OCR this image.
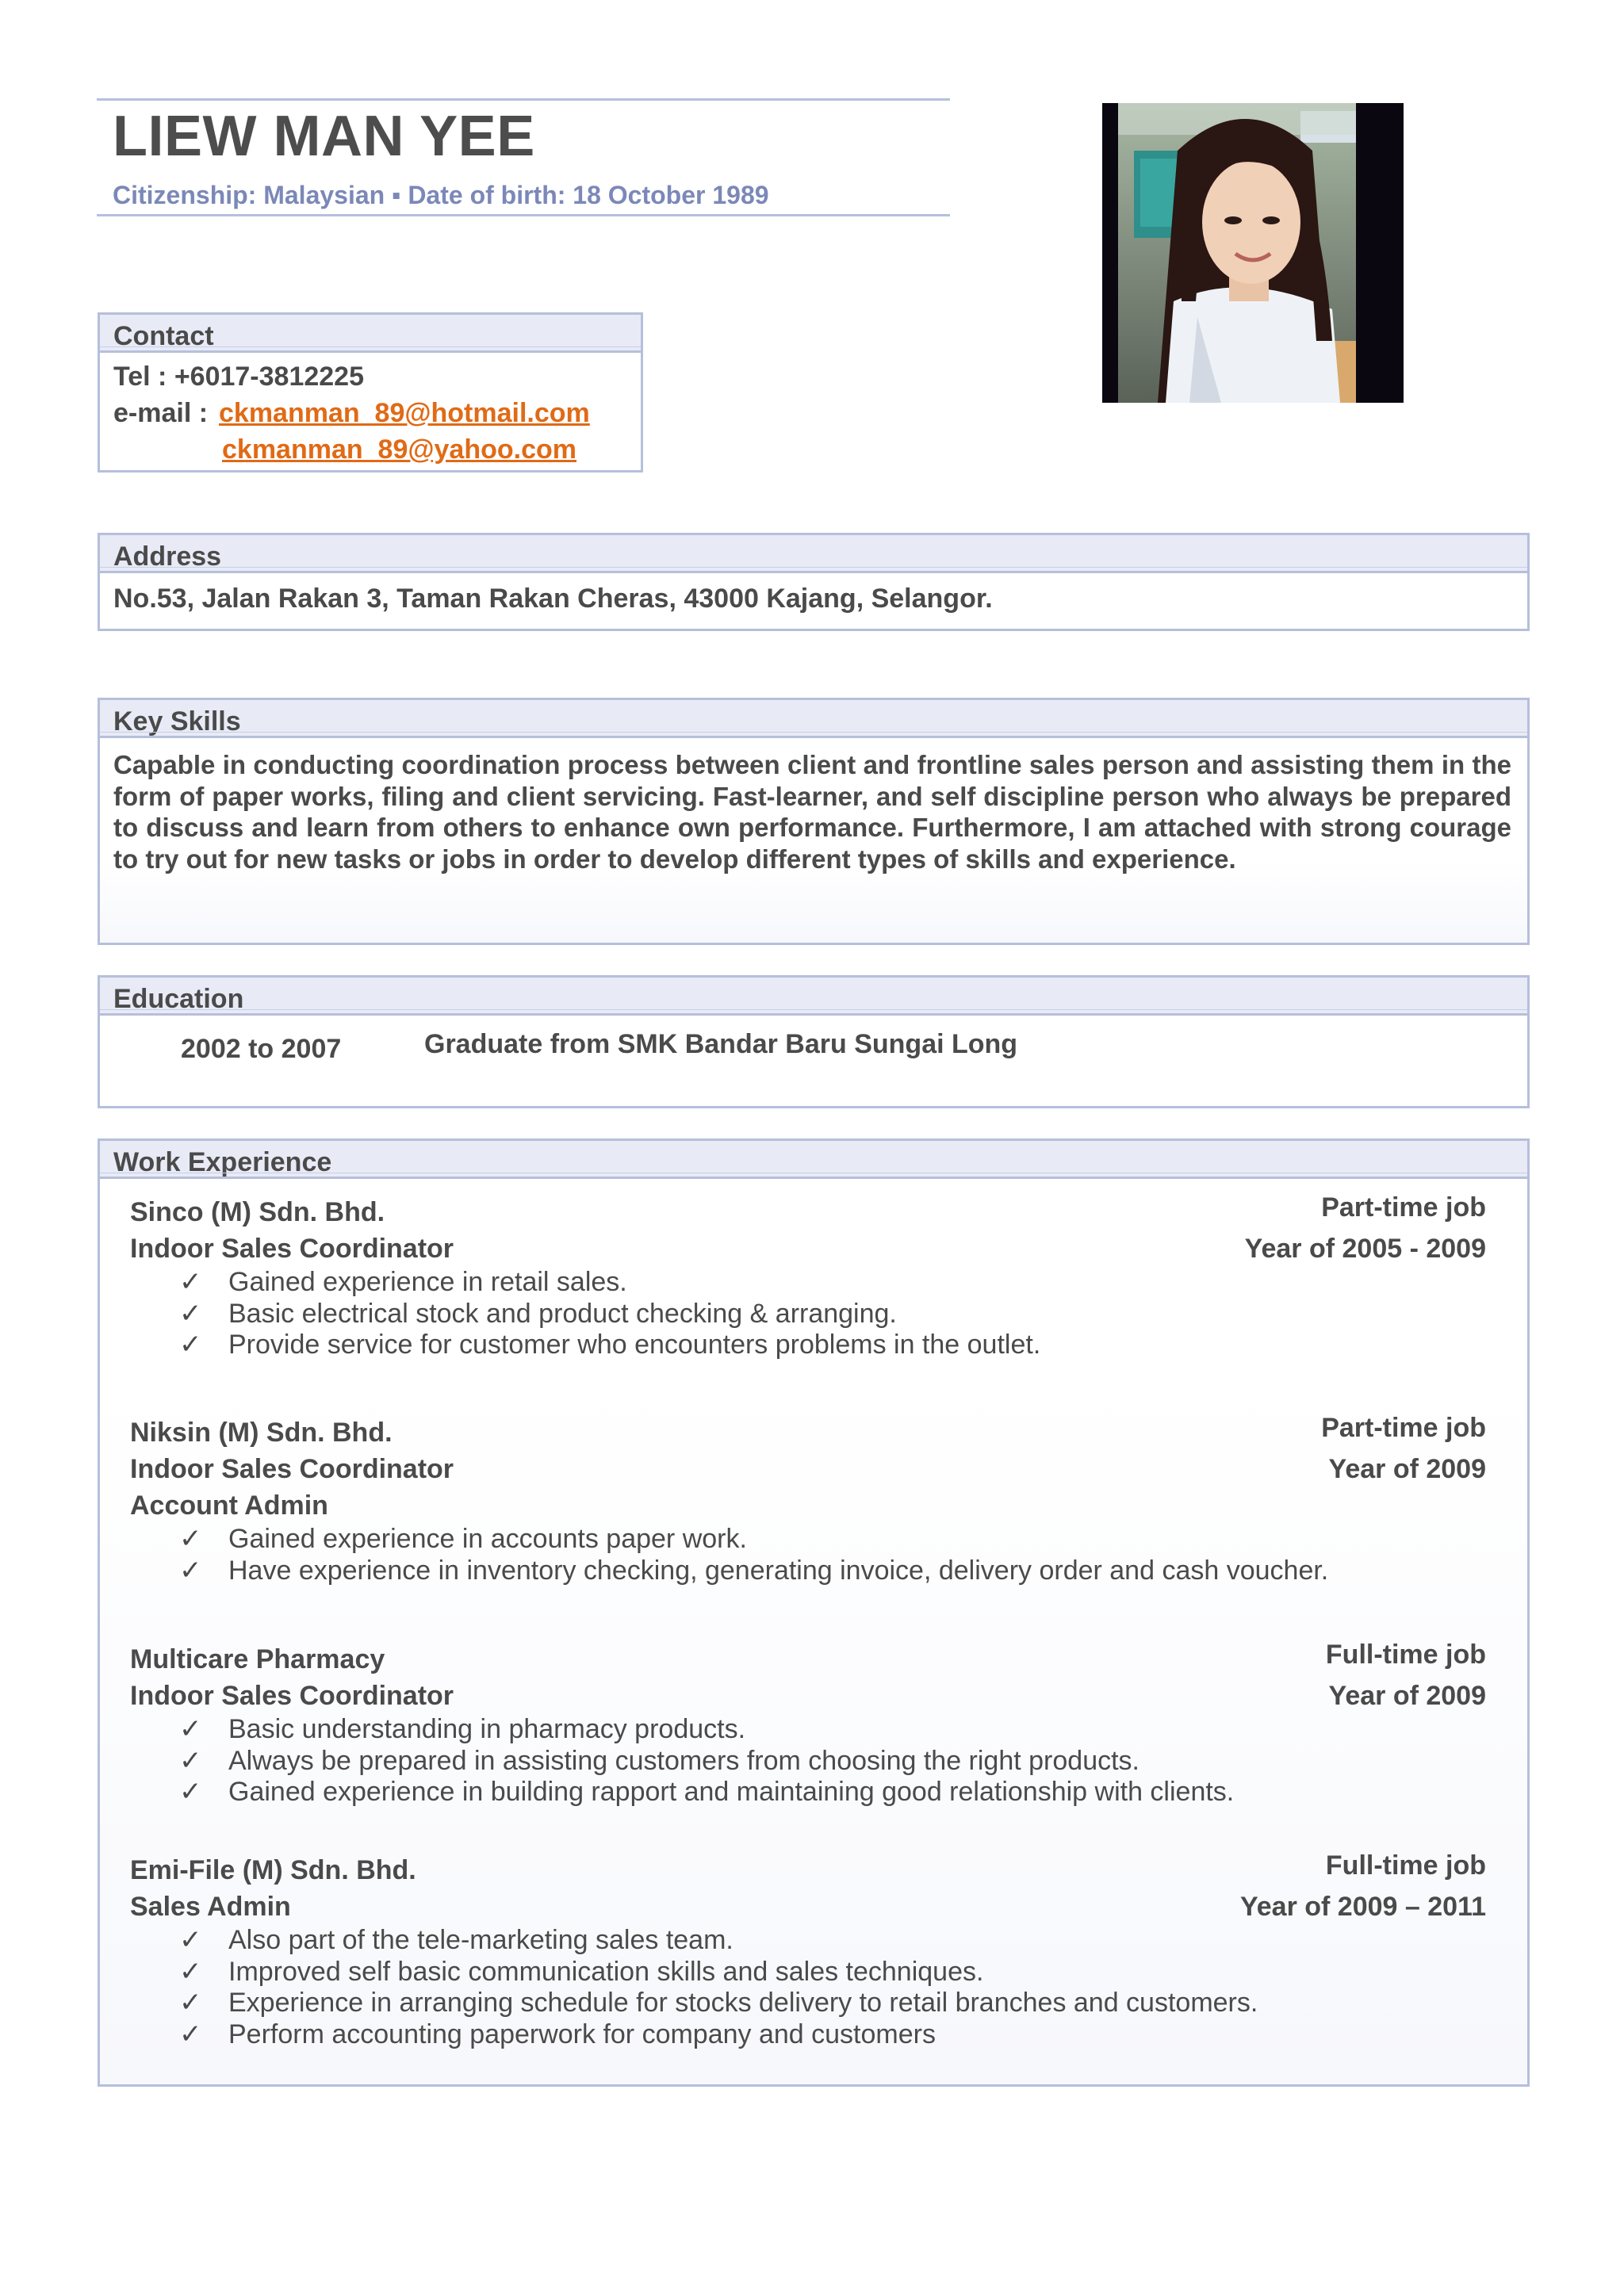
LIEW MAN YEE
Citizenship: Malaysian ▪ Date of birth: 18 October 1989
Contact
Tel : +6017-3812225
e-mail : ckmanman_89@hotmail.com
ckmanman_89@yahoo.com
Address
No.53, Jalan Rakan 3, Taman Rakan Cheras, 43000 Kajang, Selangor.
Key Skills
Capable in conducting coordination process between client and frontline sales person and assisting them in the form of paper works, filing and client servicing. Fast-learner, and self discipline person who always be prepared to discuss and learn from others to enhance own performance. Furthermore, I am attached with strong courage to try out for new tasks or jobs in order to develop different types of skills and experience.
Education
2002 to 2007	Graduate from SMK Bandar Baru Sungai Long
Work Experience
Sinco (M) Sdn. Bhd.	Part-time job
Indoor Sales Coordinator	Year of 2005 - 2009
✓ Gained experience in retail sales.
✓ Basic electrical stock and product checking & arranging.
✓ Provide service for customer who encounters problems in the outlet.
Niksin (M) Sdn. Bhd.	Part-time job
Indoor Sales Coordinator	Year of 2009
Account Admin
✓ Gained experience in accounts paper work.
✓ Have experience in inventory checking, generating invoice, delivery order and cash voucher.
Multicare Pharmacy	Full-time job
Indoor Sales Coordinator	Year of 2009
✓ Basic understanding in pharmacy products.
✓ Always be prepared in assisting customers from choosing the right products.
✓ Gained experience in building rapport and maintaining good relationship with clients.
Emi-File (M) Sdn. Bhd.	Full-time job
Sales Admin	Year of 2009 – 2011
✓ Also part of the tele-marketing sales team.
✓ Improved self basic communication skills and sales techniques.
✓ Experience in arranging schedule for stocks delivery to retail branches and customers.
✓ Perform accounting paperwork for company and customers
